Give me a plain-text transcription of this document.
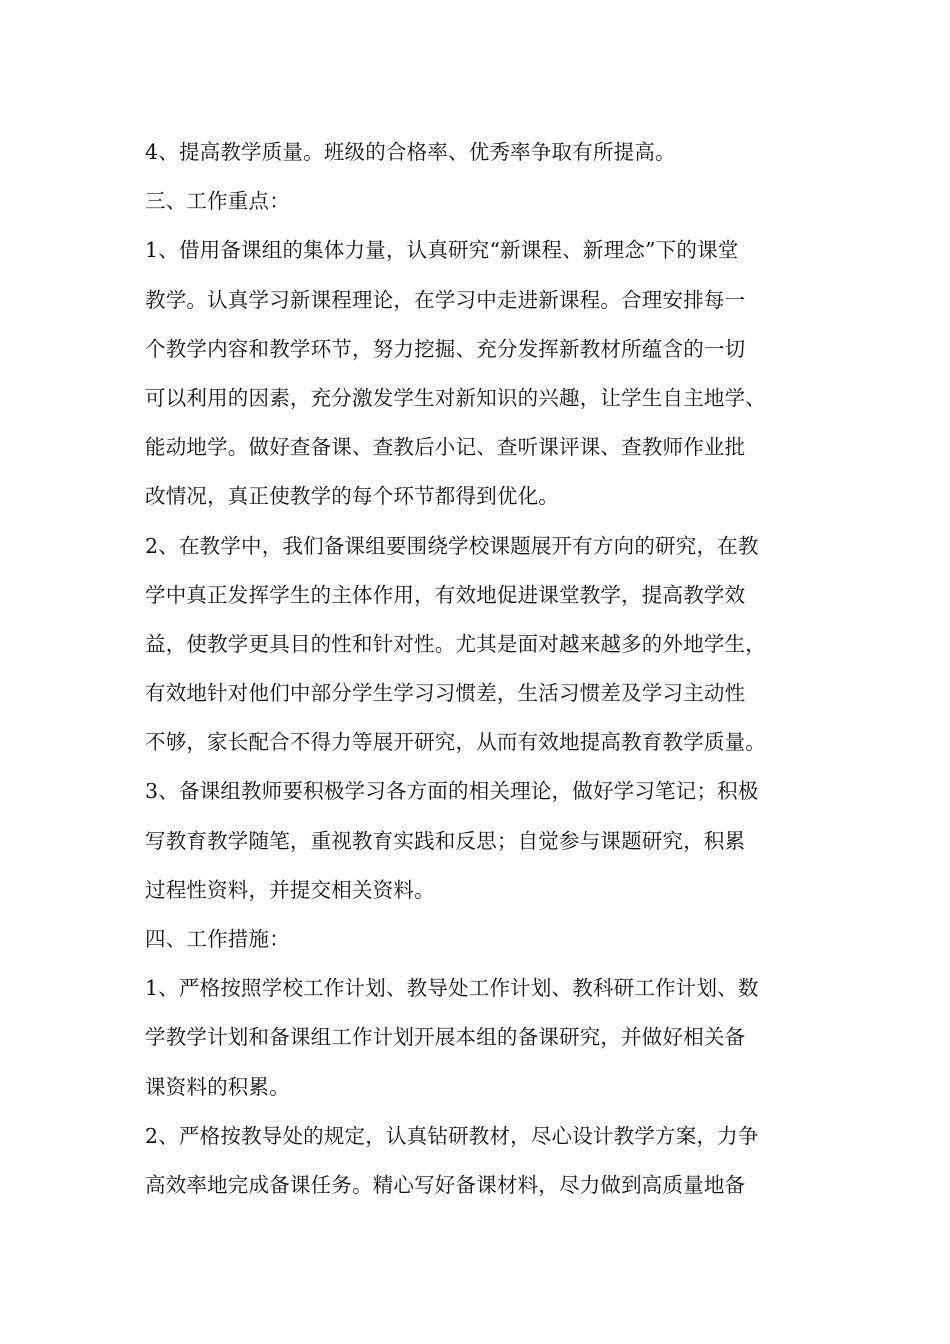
4、提高教学质量。班级的合格率、优秀率争取有所提高。
三、工作重点：
1、借用备课组的集体力量，认真研究“新课程、新理念”下的课堂
教学。认真学习新课程理论，在学习中走进新课程。合理安排每一
个教学内容和教学环节，努力挖掘、充分发挥新教材所蕴含的一切
可以利用的因素，充分激发学生对新知识的兴趣，让学生自主地学、
能动地学。做好查备课、查教后小记、查听课评课、查教师作业批
改情况，真正使教学的每个环节都得到优化。
2、在教学中，我们备课组要围绕学校课题展开有方向的研究，在教
学中真正发挥学生的主体作用，有效地促进课堂教学，提高教学效
益，使教学更具目的性和针对性。尤其是面对越来越多的外地学生，
有效地针对他们中部分学生学习习惯差，生活习惯差及学习主动性
不够，家长配合不得力等展开研究，从而有效地提高教育教学质量。
3、备课组教师要积极学习各方面的相关理论，做好学习笔记；积极
写教育教学随笔，重视教育实践和反思；自觉参与课题研究，积累
过程性资料，并提交相关资料。
四、工作措施：
1、严格按照学校工作计划、教导处工作计划、教科研工作计划、数
学教学计划和备课组工作计划开展本组的备课研究，并做好相关备
课资料的积累。
2、严格按教导处的规定，认真钻研教材，尽心设计教学方案，力争
高效率地完成备课任务。精心写好备课材料，尽力做到高质量地备
